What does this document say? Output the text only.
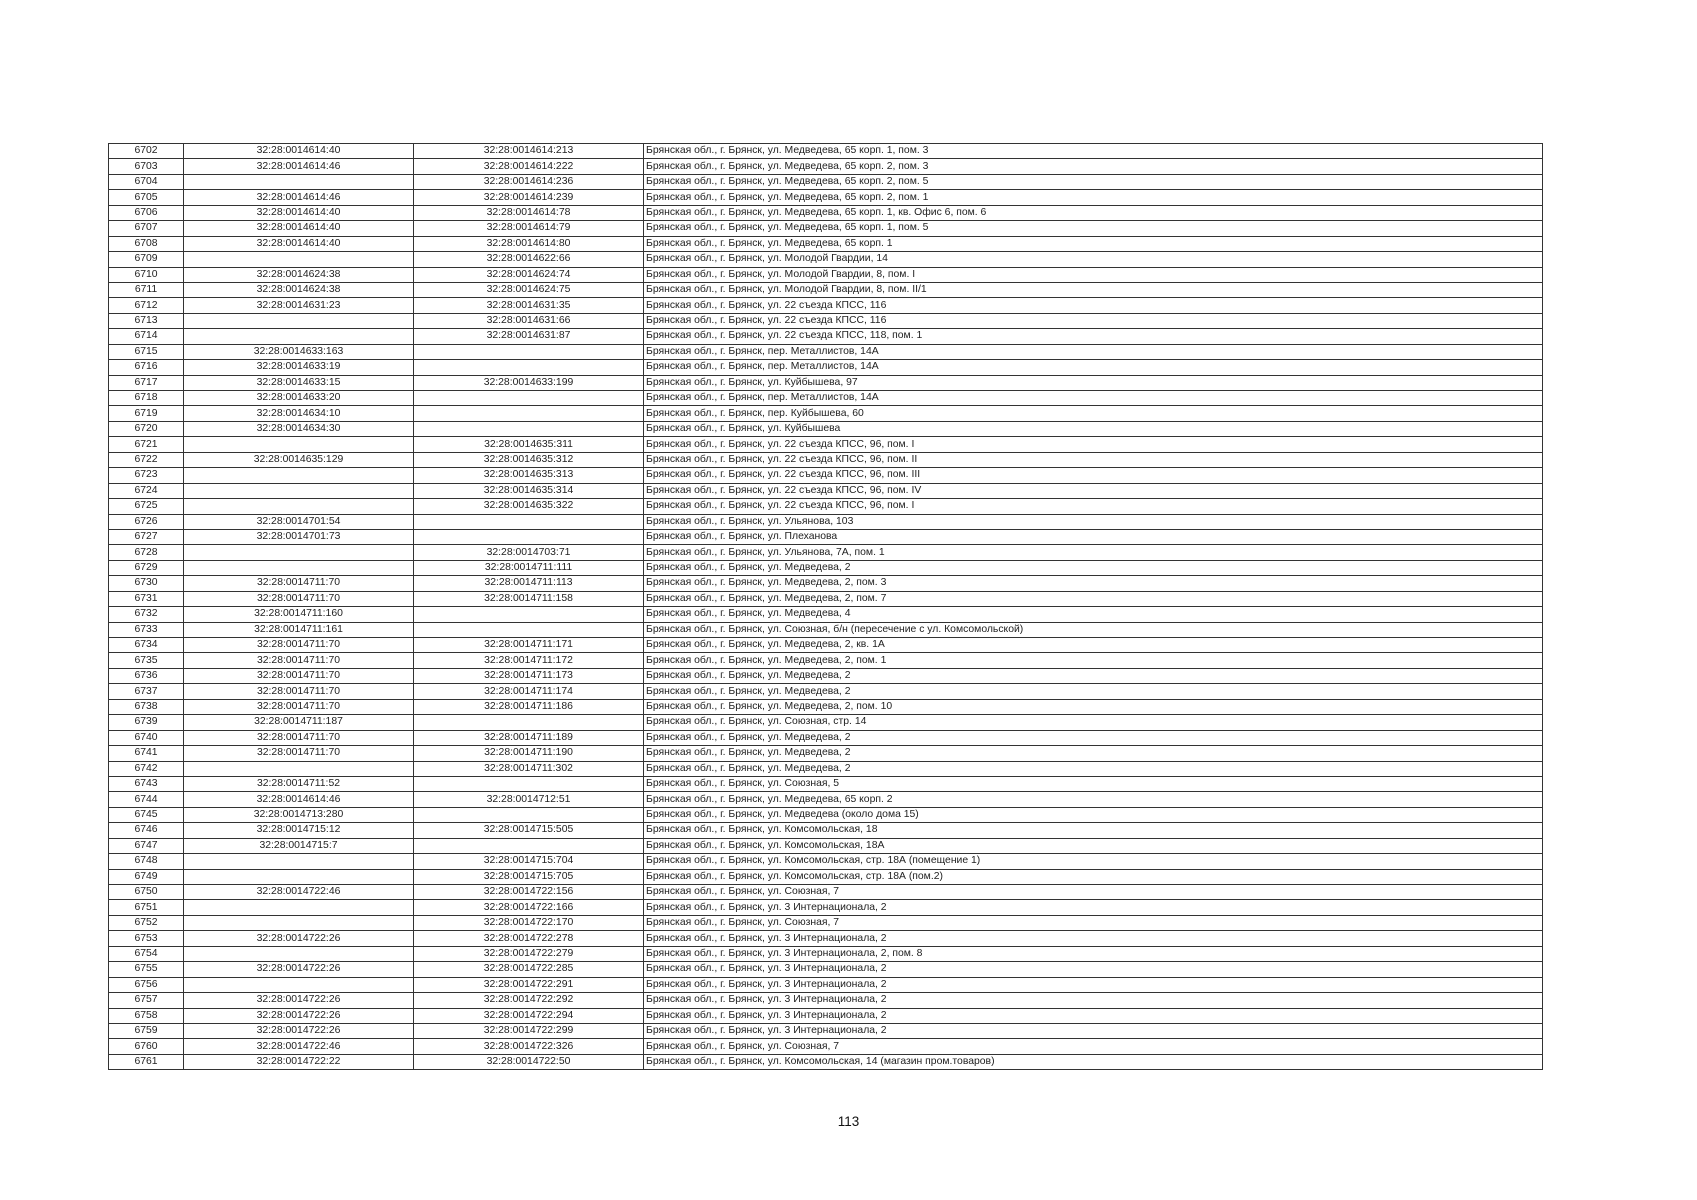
6702	32:28:0014614:40	32:28:0014614:213	Брянская обл., г. Брянск, ул. Медведева, 65 корп. 1, пом. 3
6703	32:28:0014614:46	32:28:0014614:222	Брянская обл., г. Брянск, ул. Медведева, 65 корп. 2, пом. 3
6704		32:28:0014614:236	Брянская обл., г. Брянск, ул. Медведева, 65 корп. 2, пом. 5
6705	32:28:0014614:46	32:28:0014614:239	Брянская обл., г. Брянск, ул. Медведева, 65 корп. 2, пом. 1
6706	32:28:0014614:40	32:28:0014614:78	Брянская обл., г. Брянск, ул. Медведева, 65 корп. 1, кв. Офис 6, пом. 6
6707	32:28:0014614:40	32:28:0014614:79	Брянская обл., г. Брянск, ул. Медведева, 65 корп. 1, пом. 5
6708	32:28:0014614:40	32:28:0014614:80	Брянская обл., г. Брянск, ул. Медведева, 65 корп. 1
6709		32:28:0014622:66	Брянская обл., г. Брянск, ул. Молодой Гвардии, 14
6710	32:28:0014624:38	32:28:0014624:74	Брянская обл., г. Брянск, ул. Молодой Гвардии, 8, пом. I
6711	32:28:0014624:38	32:28:0014624:75	Брянская обл., г. Брянск, ул. Молодой Гвардии, 8, пом. II/1
6712	32:28:0014631:23	32:28:0014631:35	Брянская обл., г. Брянск, ул. 22 съезда КПСС, 116
6713		32:28:0014631:66	Брянская обл., г. Брянск, ул. 22 съезда КПСС, 116
6714		32:28:0014631:87	Брянская обл., г. Брянск, ул. 22 съезда КПСС, 118, пом. 1
6715	32:28:0014633:163		Брянская обл., г. Брянск, пер. Металлистов, 14А
6716	32:28:0014633:19		Брянская обл., г. Брянск, пер. Металлистов, 14А
6717	32:28:0014633:15	32:28:0014633:199	Брянская обл., г. Брянск, ул. Куйбышева, 97
6718	32:28:0014633:20		Брянская обл., г. Брянск, пер. Металлистов, 14А
6719	32:28:0014634:10		Брянская обл., г. Брянск, пер. Куйбышева, 60
6720	32:28:0014634:30		Брянская обл., г. Брянск, ул. Куйбышева
6721		32:28:0014635:311	Брянская обл., г. Брянск, ул. 22 съезда КПСС, 96, пом. I
6722	32:28:0014635:129	32:28:0014635:312	Брянская обл., г. Брянск, ул. 22 съезда КПСС, 96, пом. II
6723		32:28:0014635:313	Брянская обл., г. Брянск, ул. 22 съезда КПСС, 96, пом. III
6724		32:28:0014635:314	Брянская обл., г. Брянск, ул. 22 съезда КПСС, 96, пом. IV
6725		32:28:0014635:322	Брянская обл., г. Брянск, ул. 22 съезда КПСС, 96, пом. I
6726	32:28:0014701:54		Брянская обл., г. Брянск, ул. Ульянова, 103
6727	32:28:0014701:73		Брянская обл., г. Брянск, ул. Плеханова
6728		32:28:0014703:71	Брянская обл., г. Брянск, ул. Ульянова, 7А, пом. 1
6729		32:28:0014711:111	Брянская обл., г. Брянск, ул. Медведева, 2
6730	32:28:0014711:70	32:28:0014711:113	Брянская обл., г. Брянск, ул. Медведева, 2, пом. 3
6731	32:28:0014711:70	32:28:0014711:158	Брянская обл., г. Брянск, ул. Медведева, 2, пом. 7
6732	32:28:0014711:160		Брянская обл., г. Брянск, ул. Медведева, 4
6733	32:28:0014711:161		Брянская обл., г. Брянск, ул. Союзная, б/н (пересечение с ул. Комсомольской)
6734	32:28:0014711:70	32:28:0014711:171	Брянская обл., г. Брянск, ул. Медведева, 2, кв. 1А
6735	32:28:0014711:70	32:28:0014711:172	Брянская обл., г. Брянск, ул. Медведева, 2, пом. 1
6736	32:28:0014711:70	32:28:0014711:173	Брянская обл., г. Брянск, ул. Медведева, 2
6737	32:28:0014711:70	32:28:0014711:174	Брянская обл., г. Брянск, ул. Медведева, 2
6738	32:28:0014711:70	32:28:0014711:186	Брянская обл., г. Брянск, ул. Медведева, 2, пом. 10
6739	32:28:0014711:187		Брянская обл., г. Брянск, ул. Союзная, стр. 14
6740	32:28:0014711:70	32:28:0014711:189	Брянская обл., г. Брянск, ул. Медведева, 2
6741	32:28:0014711:70	32:28:0014711:190	Брянская обл., г. Брянск, ул. Медведева, 2
6742		32:28:0014711:302	Брянская обл., г. Брянск, ул. Медведева, 2
6743	32:28:0014711:52		Брянская обл., г. Брянск, ул. Союзная, 5
6744	32:28:0014614:46	32:28:0014712:51	Брянская обл., г. Брянск, ул. Медведева, 65 корп. 2
6745	32:28:0014713:280		Брянская обл., г. Брянск, ул. Медведева (около дома 15)
6746	32:28:0014715:12	32:28:0014715:505	Брянская обл., г. Брянск, ул. Комсомольская, 18
6747	32:28:0014715:7		Брянская обл., г. Брянск, ул. Комсомольская, 18А
6748		32:28:0014715:704	Брянская обл., г. Брянск, ул. Комсомольская, стр. 18А (помещение 1)
6749		32:28:0014715:705	Брянская обл., г. Брянск, ул. Комсомольская, стр. 18А (пом.2)
6750	32:28:0014722:46	32:28:0014722:156	Брянская обл., г. Брянск, ул. Союзная, 7
6751		32:28:0014722:166	Брянская обл., г. Брянск, ул. 3 Интернационала, 2
6752		32:28:0014722:170	Брянская обл., г. Брянск, ул. Союзная, 7
6753	32:28:0014722:26	32:28:0014722:278	Брянская обл., г. Брянск, ул. 3 Интернационала, 2
6754		32:28:0014722:279	Брянская обл., г. Брянск, ул. 3 Интернационала, 2, пом. 8
6755	32:28:0014722:26	32:28:0014722:285	Брянская обл., г. Брянск, ул. 3 Интернационала, 2
6756		32:28:0014722:291	Брянская обл., г. Брянск, ул. 3 Интернационала, 2
6757	32:28:0014722:26	32:28:0014722:292	Брянская обл., г. Брянск, ул. 3 Интернационала, 2
6758	32:28:0014722:26	32:28:0014722:294	Брянская обл., г. Брянск, ул. 3 Интернационала, 2
6759	32:28:0014722:26	32:28:0014722:299	Брянская обл., г. Брянск, ул. 3 Интернационала, 2
6760	32:28:0014722:46	32:28:0014722:326	Брянская обл., г. Брянск, ул. Союзная, 7
6761	32:28:0014722:22	32:28:0014722:50	Брянская обл., г. Брянск, ул. Комсомольская, 14 (магазин пром.товаров)
113
